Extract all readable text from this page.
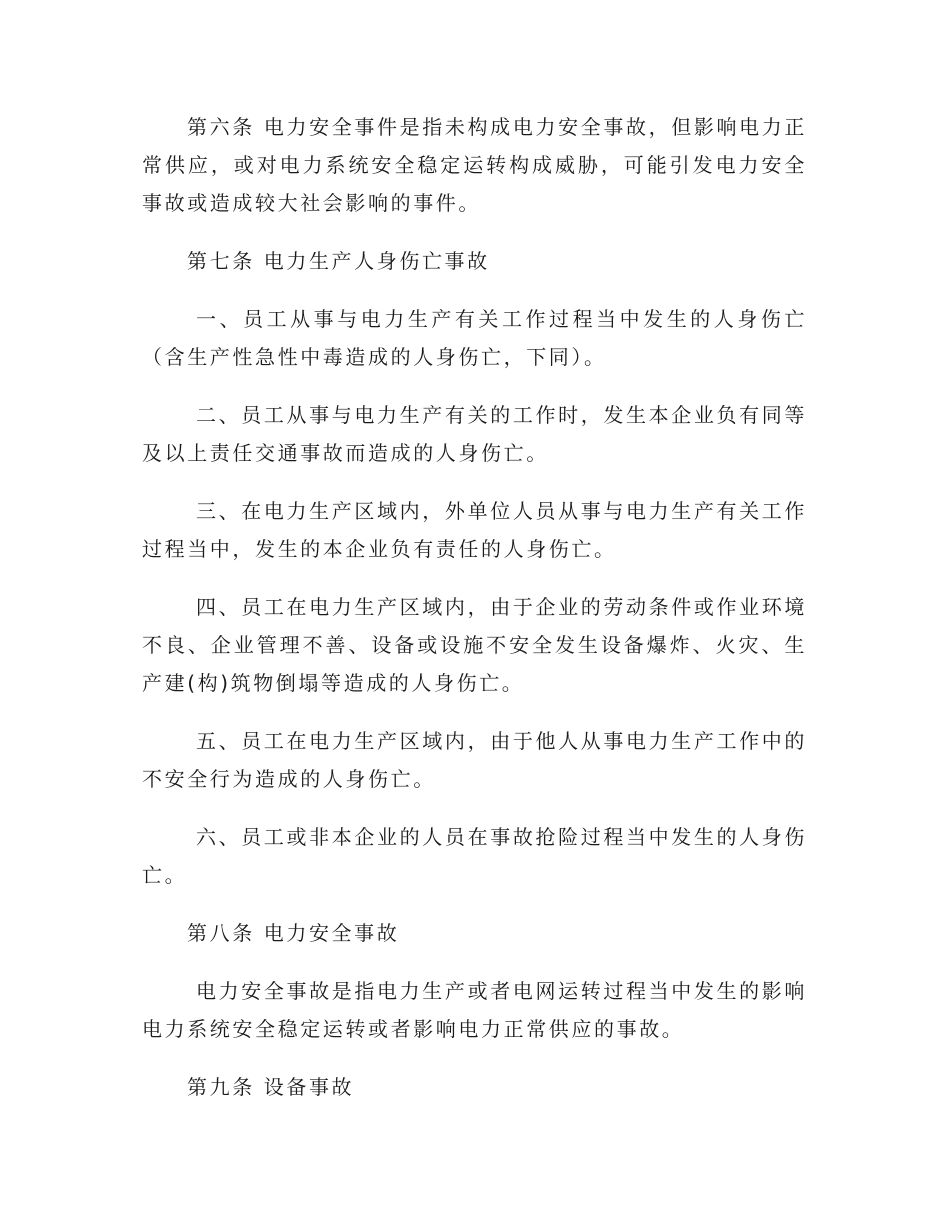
第六条 电力安全事件是指未构成电力安全事故，但影响电力正常供应，或对电力系统安全稳定运转构成威胁，可能引发电力安全事故或造成较大社会影响的事件。

第七条 电力生产人身伤亡事故

一、员工从事与电力生产有关工作过程当中发生的人身伤亡（含生产性急性中毒造成的人身伤亡，下同）。

二、员工从事与电力生产有关的工作时，发生本企业负有同等及以上责任交通事故而造成的人身伤亡。

三、在电力生产区域内，外单位人员从事与电力生产有关工作过程当中，发生的本企业负有责任的人身伤亡。

四、员工在电力生产区域内，由于企业的劳动条件或作业环境不良、企业管理不善、设备或设施不安全发生设备爆炸、火灾、生产建(构)筑物倒塌等造成的人身伤亡。

五、员工在电力生产区域内，由于他人从事电力生产工作中的不安全行为造成的人身伤亡。

六、员工或非本企业的人员在事故抢险过程当中发生的人身伤亡。

第八条 电力安全事故

电力安全事故是指电力生产或者电网运转过程当中发生的影响电力系统安全稳定运转或者影响电力正常供应的事故。

第九条 设备事故
